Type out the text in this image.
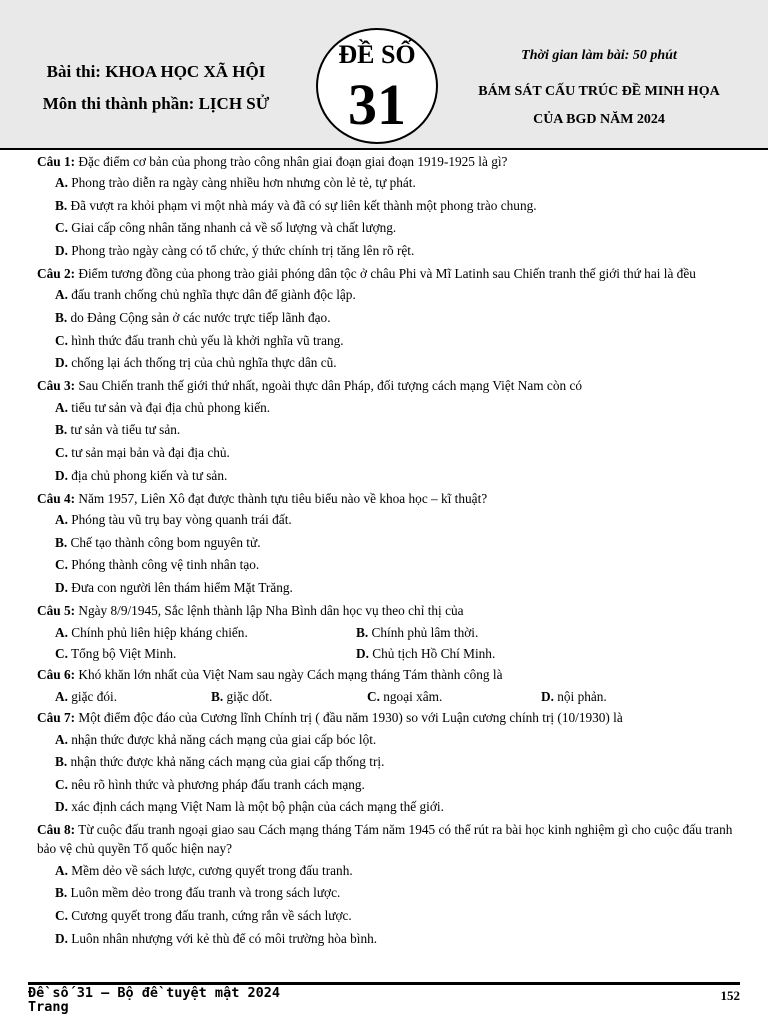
Bài thi: KHOA HỌC XÃ HỘI
Môn thi thành phần: LỊCH SỬ
ĐỀ SỐ
31
Thời gian làm bài: 50 phút
BÁM SÁT CẤU TRÚC ĐỀ MINH HỌA
CỦA BGD NĂM 2024
Câu 1: Đặc điểm cơ bản của phong trào công nhân giai đoạn giai đoạn 1919-1925 là gì?
A. Phong trào diễn ra ngày càng nhiều hơn nhưng còn lẻ tẻ, tự phát.
B. Đã vượt ra khỏi phạm vi một nhà máy và đã có sự liên kết thành một phong trào chung.
C. Giai cấp công nhân tăng nhanh cả về số lượng và chất lượng.
D. Phong trào ngày càng có tổ chức, ý thức chính trị tăng lên rõ rệt.
Câu 2: Điểm tương đồng của phong trào giải phóng dân tộc ở châu Phi và Mĩ Latinh sau Chiến tranh thế giới thứ hai là đều
A. đấu tranh chống chủ nghĩa thực dân để giành độc lập.
B. do Đảng Cộng sản ở các nước trực tiếp lãnh đạo.
C. hình thức đấu tranh chủ yếu là khởi nghĩa vũ trang.
D. chống lại ách thống trị của chủ nghĩa thực dân cũ.
Câu 3: Sau Chiến tranh thế giới thứ nhất, ngoài thực dân Pháp, đối tượng cách mạng Việt Nam còn có
A. tiểu tư sản và đại địa chủ phong kiến.
B. tư sản và tiểu tư sản.
C. tư sản mại bản và đại địa chủ.
D. địa chủ phong kiến và tư sản.
Câu 4: Năm 1957, Liên Xô đạt được thành tựu tiêu biểu nào về khoa học – kĩ thuật?
A. Phóng tàu vũ trụ bay vòng quanh trái đất.
B. Chế tạo thành công bom nguyên tử.
C. Phóng thành công vệ tinh nhân tạo.
D. Đưa con người lên thám hiểm Mặt Trăng.
Câu 5: Ngày 8/9/1945, Sắc lệnh thành lập Nha Bình dân học vụ theo chỉ thị của
A. Chính phủ liên hiệp kháng chiến.	B. Chính phủ lâm thời.
C. Tổng bộ Việt Minh.	D. Chủ tịch Hồ Chí Minh.
Câu 6: Khó khăn lớn nhất của Việt Nam sau ngày Cách mạng tháng Tám thành công là
A. giặc đói.	B. giặc dốt.	C. ngoại xâm.	D. nội phản.
Câu 7: Một điểm độc đáo của Cương lĩnh Chính trị ( đầu năm 1930) so với Luận cương chính trị (10/1930) là
A. nhận thức được khả năng cách mạng của giai cấp bóc lột.
B. nhận thức được khả năng cách mạng của giai cấp thống trị.
C. nêu rõ hình thức và phương pháp đấu tranh cách mạng.
D. xác định cách mạng Việt Nam là một bộ phận của cách mạng thế giới.
Câu 8: Từ cuộc đấu tranh ngoại giao sau Cách mạng tháng Tám năm 1945 có thể rút ra bài học kinh nghiệm gì cho cuộc đấu tranh bảo vệ chủ quyền Tổ quốc hiện nay?
A. Mềm dẻo về sách lược, cương quyết trong đấu tranh.
B. Luôn mềm dẻo trong đấu tranh và trong sách lược.
C. Cương quyết trong đấu tranh, cứng rắn về sách lược.
D. Luôn nhân nhượng với kẻ thù để có môi trường hòa bình.
Đề số 31 – Bộ đề tuyệt mật 2024
Trang
152
